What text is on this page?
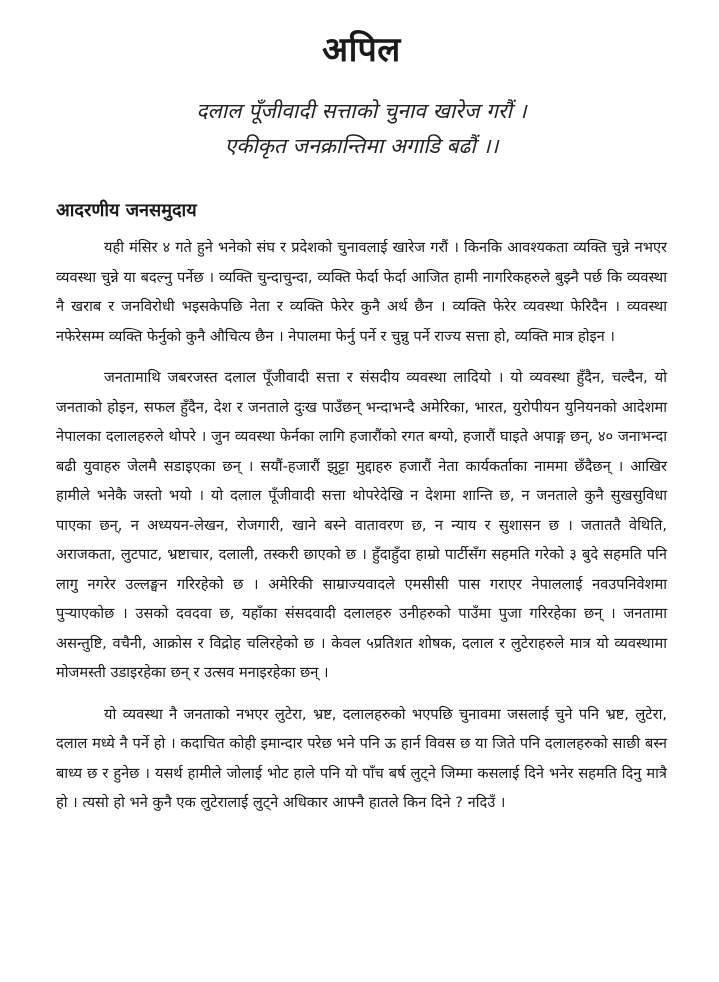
अपिल
दलाल पूँजीवादी सत्ताको चुनाव खारेज गरौं ।
एकीकृत जनक्रान्तिमा अगाडि बढौं ।।
आदरणीय जनसमुदाय

यही मंसिर ४ गते हुने भनेको संघ र प्रदेशको चुनावलाई खारेज गरौं । किनकि आवश्यकता व्यक्ति चुन्ने नभएर व्यवस्था चुन्ने या बदल्नु पर्नेछ । व्यक्ति चुन्दाचुन्दा, व्यक्ति फेर्दा फेर्दा आजित हामी नागरिकहरुले बुझ्नै पर्छ कि व्यवस्था नै खराब र जनविरोधी भइसकेपछि नेता र व्यक्ति फेरेर कुनै अर्थ छैन । व्यक्ति फेरेर व्यवस्था फेरिदैन । व्यवस्था नफेरेसम्म व्यक्ति फेर्नुको कुनै औचित्य छैन । नेपालमा फेर्नु पर्ने र चुन्नु पर्ने राज्य सत्ता हो, व्यक्ति मात्र होइन ।

जनतामाथि जबरजस्त दलाल पूँजीवादी सत्ता र संसदीय व्यवस्था लादियो । यो व्यवस्था हुँदैन, चल्दैन, यो जनताको होइन, सफल हुँदैन, देश र जनताले दुःख पाउँछन् भन्दाभन्दै अमेरिका, भारत, युरोपीयन युनियनको आदेशमा नेपालका दलालहरुले थोपरे । जुन व्यवस्था फेर्नका लागि हजारौंको रगत बग्यो, हजारौं घाइते अपाङ्ग छन्, ४० जनाभन्दा बढी युवाहरु जेलमै सडाइएका छन् । सयौं-हजारौं झुट्टा मुद्दाहरु हजारौं नेता कार्यकर्ताका नाममा छँदैछन् । आखिर हामीले भनेकै जस्तो भयो । यो दलाल पूँजीवादी सत्ता थोपरेदेखि न देशमा शान्ति छ, न जनताले कुनै सुखसुविधा पाएका छन्, न अध्ययन-लेखन, रोजगारी, खाने बस्ने वातावरण छ, न न्याय र सुशासन छ । जताततै वेथिति, अराजकता, लुटपाट, भ्रष्टाचार, दलाली, तस्करी छाएको छ । हुँदाहुँदा हाम्रो पार्टीसँग सहमति गरेको ३ बुदे सहमति पनि लागु नगरेर उल्लङ्घन गरिरहेको छ । अमेरिकी साम्राज्यवादले एमसीसी पास गराएर नेपाललाई नवउपनिवेशमा पुर्‍याएकोछ । उसको दवदवा छ, यहाँका संसदवादी दलालहरु उनीहरुको पाउँमा पुजा गरिरहेका छन् । जनतामा असन्तुष्टि, वचैनी, आक्रोस र विद्रोह चलिरहेको छ । केवल ५प्रतिशत शोषक, दलाल र लुटेराहरुले मात्र यो व्यवस्थामा मोजमस्ती उडाइरहेका छन् र उत्सव मनाइरहेका छन् ।

यो व्यवस्था नै जनताको नभएर लुटेरा, भ्रष्ट, दलालहरुको भएपछि चुनावमा जसलाई चुने पनि भ्रष्ट, लुटेरा, दलाल मध्ये नै पर्ने हो । कदाचित कोही इमान्दार परेछ भने पनि ऊ हार्न विवस छ या जिते पनि दलालहरुको साछी बस्न बाध्य छ र हुनेछ । यसर्थ हामीले जोलाई भोट हाले पनि यो पाँच बर्ष लुट्ने जिम्मा कसलाई दिने भनेर सहमति दिनु मात्रै हो । त्यसो हो भने कुनै एक लुटेरालाई लुट्ने अधिकार आफ्नै हातले किन दिने ? नदिउँ ।
